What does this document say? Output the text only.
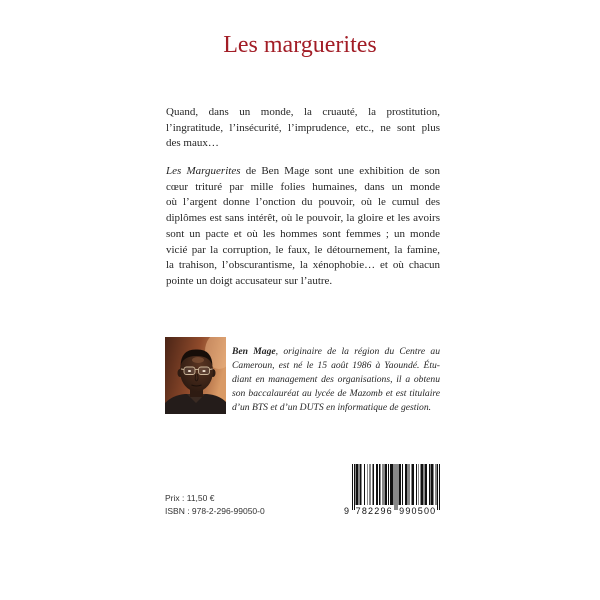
Les marguerites
Quand, dans un monde, la cruauté, la prostitution,
l’ingratitude, l’insécurité, l’imprudence, etc., ne sont plus
des maux…
Les Marguerites de Ben Mage sont une exhibition de son
cœur trituré par mille folies humaines, dans un monde
où l’argent donne l’onction du pouvoir, où le cumul des
diplômes est sans intérêt, où le pouvoir, la gloire et les avoirs
sont un pacte et où les hommes sont femmes ; un monde
vicié par la corruption, le faux, le détournement, la famine,
la trahison, l’obscurantisme, la xénophobie… et où chacun
pointe un doigt accusateur sur l’autre.
Ben Mage, originaire de la région du Centre au
Cameroun, est né le 15 août 1986 à Yaoundé. Étu-
diant en management des organisations, il a obtenu
son baccalauréat au lycée de Mazomb et est titulaire
d’un BTS et d’un DUTS en informatique de gestion.
Prix : 11,50 €
ISBN : 978-2-296-99050-0	9 782296 990500
